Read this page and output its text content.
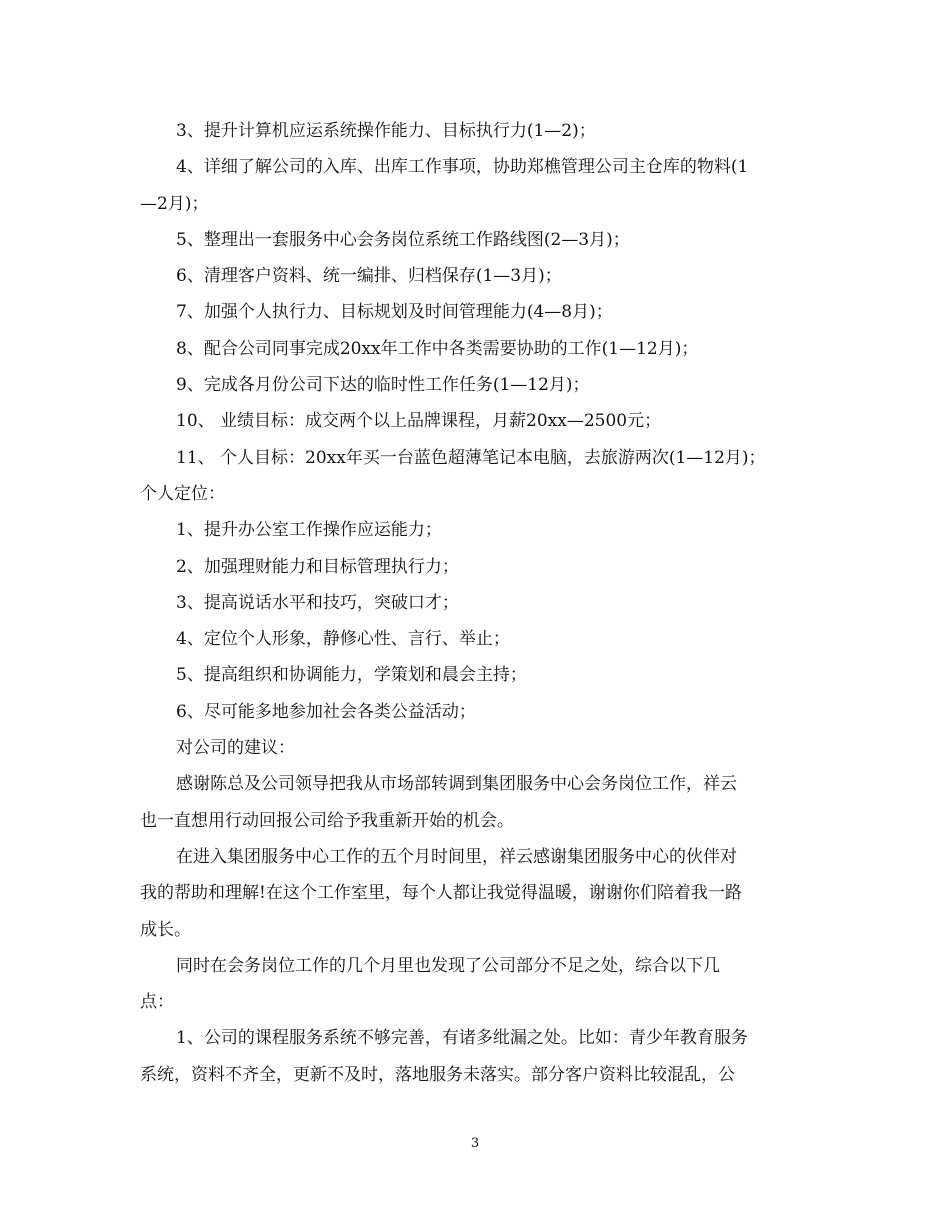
3、提升计算机应运系统操作能力、目标执行力(1—2)；
4、详细了解公司的入库、出库工作事项，协助郑樵管理公司主仓库的物料(1
—2月)；
5、整理出一套服务中心会务岗位系统工作路线图(2—3月)；
6、清理客户资料、统一编排、归档保存(1—3月)；
7、加强个人执行力、目标规划及时间管理能力(4—8月)；
8、配合公司同事完成20xx年工作中各类需要协助的工作(1—12月)；
9、完成各月份公司下达的临时性工作任务(1—12月)；
10、 业绩目标：成交两个以上品牌课程，月薪20xx—2500元；
11、 个人目标：20xx年买一台蓝色超薄笔记本电脑，去旅游两次(1—12月)；
个人定位：
1、提升办公室工作操作应运能力；
2、加强理财能力和目标管理执行力；
3、提高说话水平和技巧，突破口才；
4、定位个人形象，静修心性、言行、举止；
5、提高组织和协调能力，学策划和晨会主持；
6、尽可能多地参加社会各类公益活动；
对公司的建议：
感谢陈总及公司领导把我从市场部转调到集团服务中心会务岗位工作，祥云
也一直想用行动回报公司给予我重新开始的机会。
在进入集团服务中心工作的五个月时间里，祥云感谢集团服务中心的伙伴对
我的帮助和理解!在这个工作室里，每个人都让我觉得温暖，谢谢你们陪着我一路
成长。
同时在会务岗位工作的几个月里也发现了公司部分不足之处，综合以下几
点：
1、公司的课程服务系统不够完善，有诸多纰漏之处。比如：青少年教育服务
系统，资料不齐全，更新不及时，落地服务未落实。部分客户资料比较混乱，公
3
